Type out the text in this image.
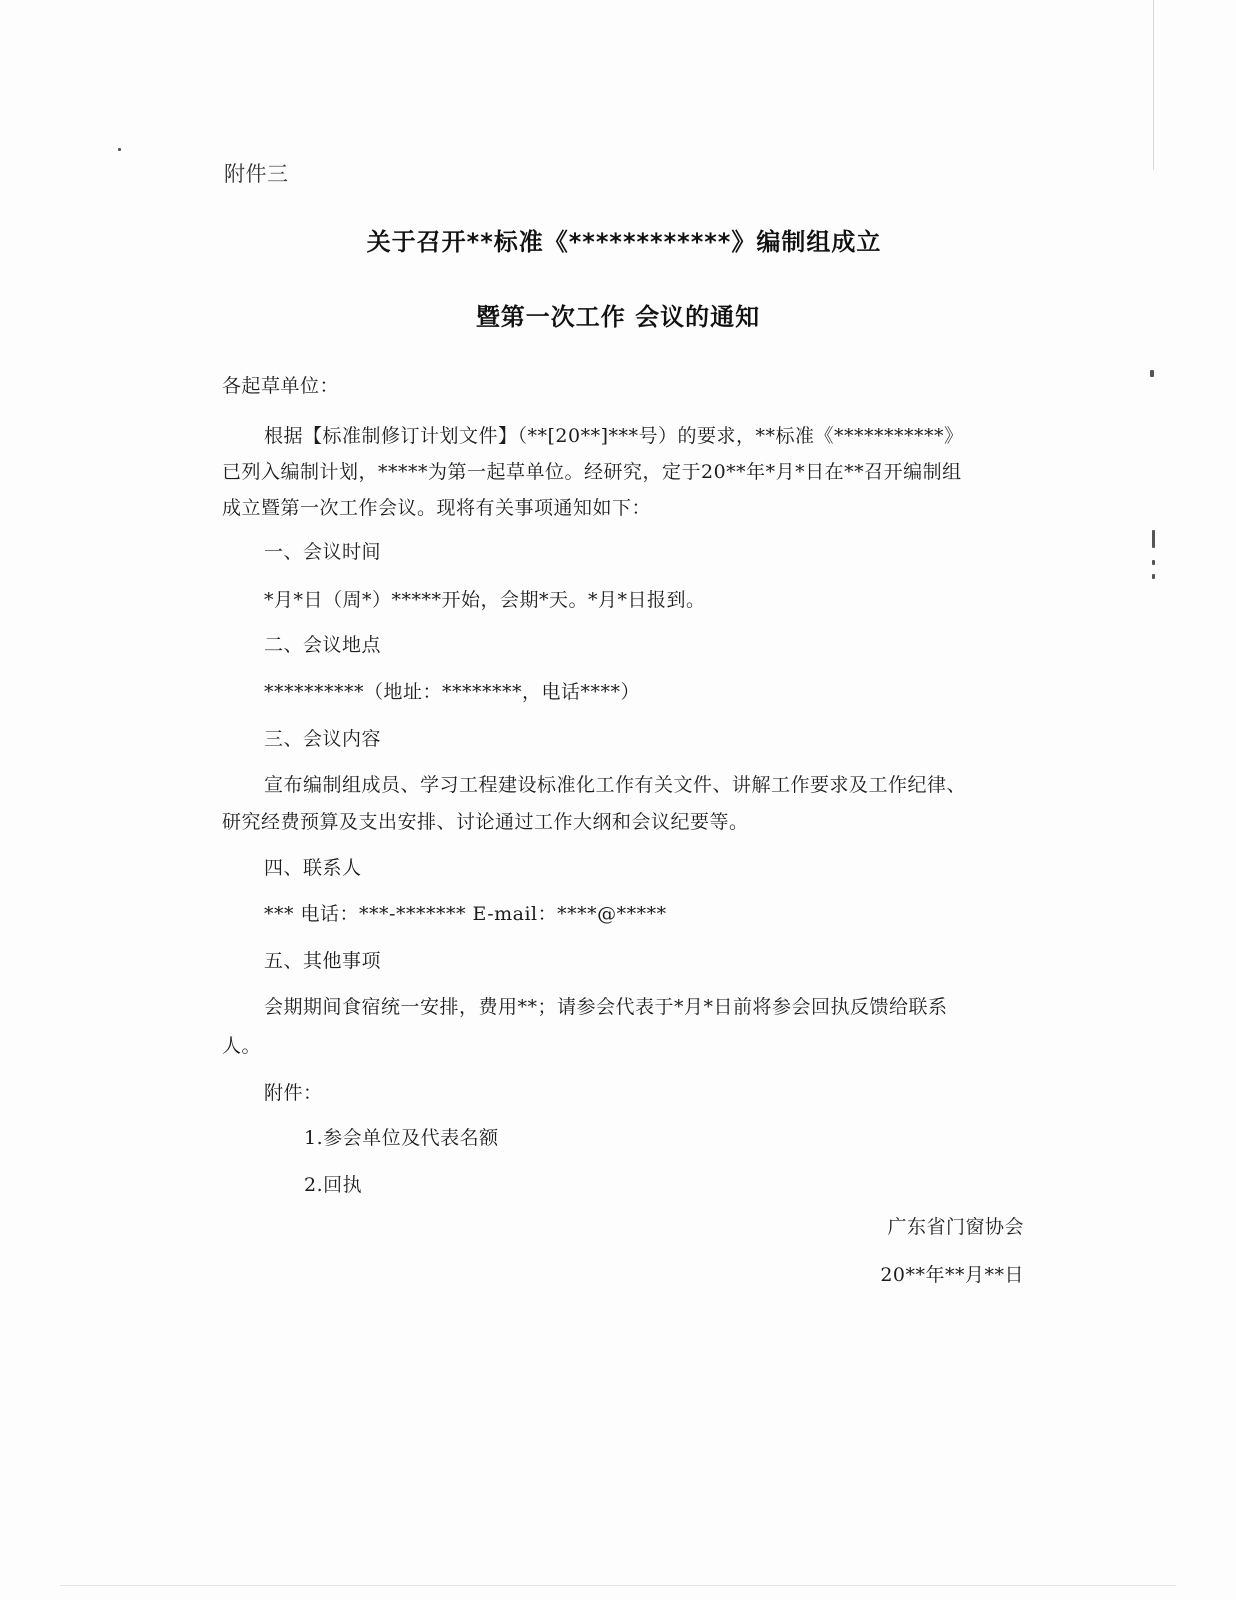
附件三
关于召开**标准《************》编制组成立
暨第一次工作 会议的通知
各起草单位：
根据【标准制修订计划文件】（**[20**]***号）的要求，**标准《***********》
已列入编制计划，*****为第一起草单位。经研究，定于20**年*月*日在**召开编制组
成立暨第一次工作会议。现将有关事项通知如下：
一、会议时间
*月*日（周*）*****开始，会期*天。*月*日报到。
二、会议地点
**********（地址：********，电话****）
三、会议内容
宣布编制组成员、学习工程建设标准化工作有关文件、讲解工作要求及工作纪律、
研究经费预算及支出安排、讨论通过工作大纲和会议纪要等。
四、联系人
*** 电话：***-******* E-mail：****@*****
五、其他事项
会期期间食宿统一安排，费用**；请参会代表于*月*日前将参会回执反馈给联系
人。
附件：
1.参会单位及代表名额
2.回执
广东省门窗协会
20**年**月**日
